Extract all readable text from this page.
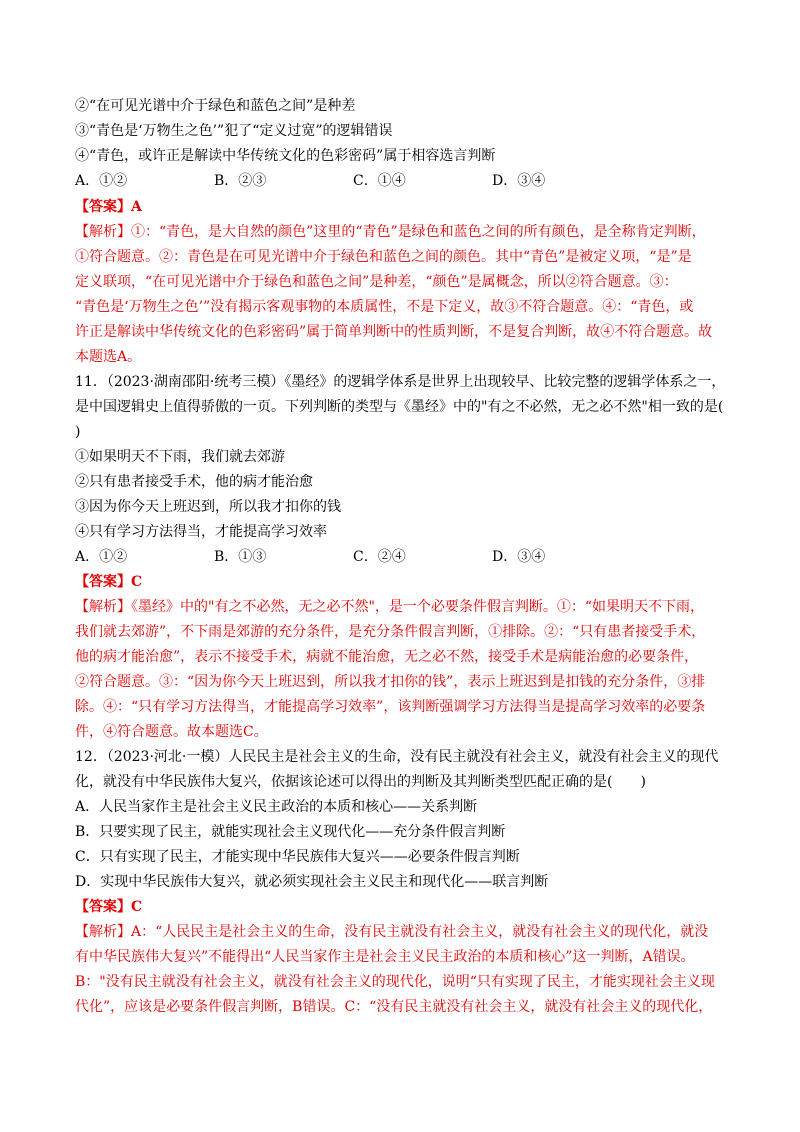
②“在可见光谱中介于绿色和蓝色之间”是种差
③“青色是‘万物生之色’”犯了“定义过宽”的逻辑错误
④“青色，或许正是解读中华传统文化的色彩密码”属于相容选言判断
A．①②	B．②③	C．①④	D．③④
【答案】A
【解析】①：“青色，是大自然的颜色”这里的“青色”是绿色和蓝色之间的所有颜色，是全称肯定判断，
①符合题意。②：青色是在可见光谱中介于绿色和蓝色之间的颜色。其中“青色”是被定义项，“是”是
定义联项，“在可见光谱中介于绿色和蓝色之间”是种差，“颜色”是属概念，所以②符合题意。③：
“青色是‘万物生之色’”没有揭示客观事物的本质属性，不是下定义，故③不符合题意。④：“青色，或
许正是解读中华传统文化的色彩密码”属于简单判断中的性质判断，不是复合判断，故④不符合题意。故
本题选A。
11．（2023·湖南邵阳·统考三模）《墨经》的逻辑学体系是世界上出现较早、比较完整的逻辑学体系之一，
是中国逻辑史上值得骄傲的一页。下列判断的类型与《墨经》中的"有之不必然，无之必不然"相一致的是(
)
①如果明天不下雨，我们就去郊游
②只有患者接受手术，他的病才能治愈
③因为你今天上班迟到，所以我才扣你的钱
④只有学习方法得当，才能提高学习效率
A．①②	B．①③	C．②④	D．③④
【答案】C
【解析】《墨经》中的"有之不必然，无之必不然"，是一个必要条件假言判断。①：“如果明天不下雨，
我们就去郊游”，不下雨是郊游的充分条件，是充分条件假言判断，①排除。②：“只有患者接受手术，
他的病才能治愈”，表示不接受手术，病就不能治愈，无之必不然，接受手术是病能治愈的必要条件，
②符合题意。③：“因为你今天上班迟到，所以我才扣你的钱”，表示上班迟到是扣钱的充分条件，③排
除。④：“只有学习方法得当，才能提高学习效率”，该判断强调学习方法得当是提高学习效率的必要条
件，④符合题意。故本题选C。
12．（2023·河北·一模）人民民主是社会主义的生命，没有民主就没有社会主义，就没有社会主义的现代
化，就没有中华民族伟大复兴，依据该论述可以得出的判断及其判断类型匹配正确的是(　　)
A．人民当家作主是社会主义民主政治的本质和核心——关系判断
B．只要实现了民主，就能实现社会主义现代化——充分条件假言判断
C．只有实现了民主，才能实现中华民族伟大复兴——必要条件假言判断
D．实现中华民族伟大复兴，就必须实现社会主义民主和现代化——联言判断
【答案】C
【解析】A：“人民民主是社会主义的生命，没有民主就没有社会主义，就没有社会主义的现代化，就没
有中华民族伟大复兴”不能得出“人民当家作主是社会主义民主政治的本质和核心”这一判断，A错误。
B："没有民主就没有社会主义，就没有社会主义的现代化，说明“只有实现了民主，才能实现社会主义现
代化”，应该是必要条件假言判断，B错误。C：“没有民主就没有社会主义，就没有社会主义的现代化，
